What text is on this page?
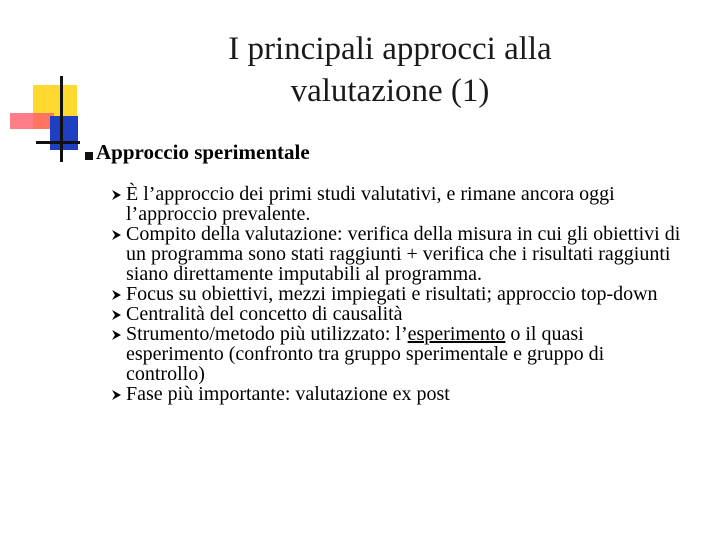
I principali approcci alla
valutazione (1)
Approccio sperimentale
È l’approccio dei primi studi valutativi, e rimane ancora oggi l’approccio prevalente.
Compito della valutazione: verifica della misura in cui gli obiettivi di un programma sono stati raggiunti + verifica che i risultati raggiunti siano direttamente imputabili al programma.
Focus su obiettivi, mezzi impiegati e risultati; approccio top-down
Centralità del concetto di causalità
Strumento/metodo più utilizzato: l’esperimento o il quasi esperimento (confronto tra gruppo sperimentale e gruppo di controllo)
Fase più importante: valutazione ex post
